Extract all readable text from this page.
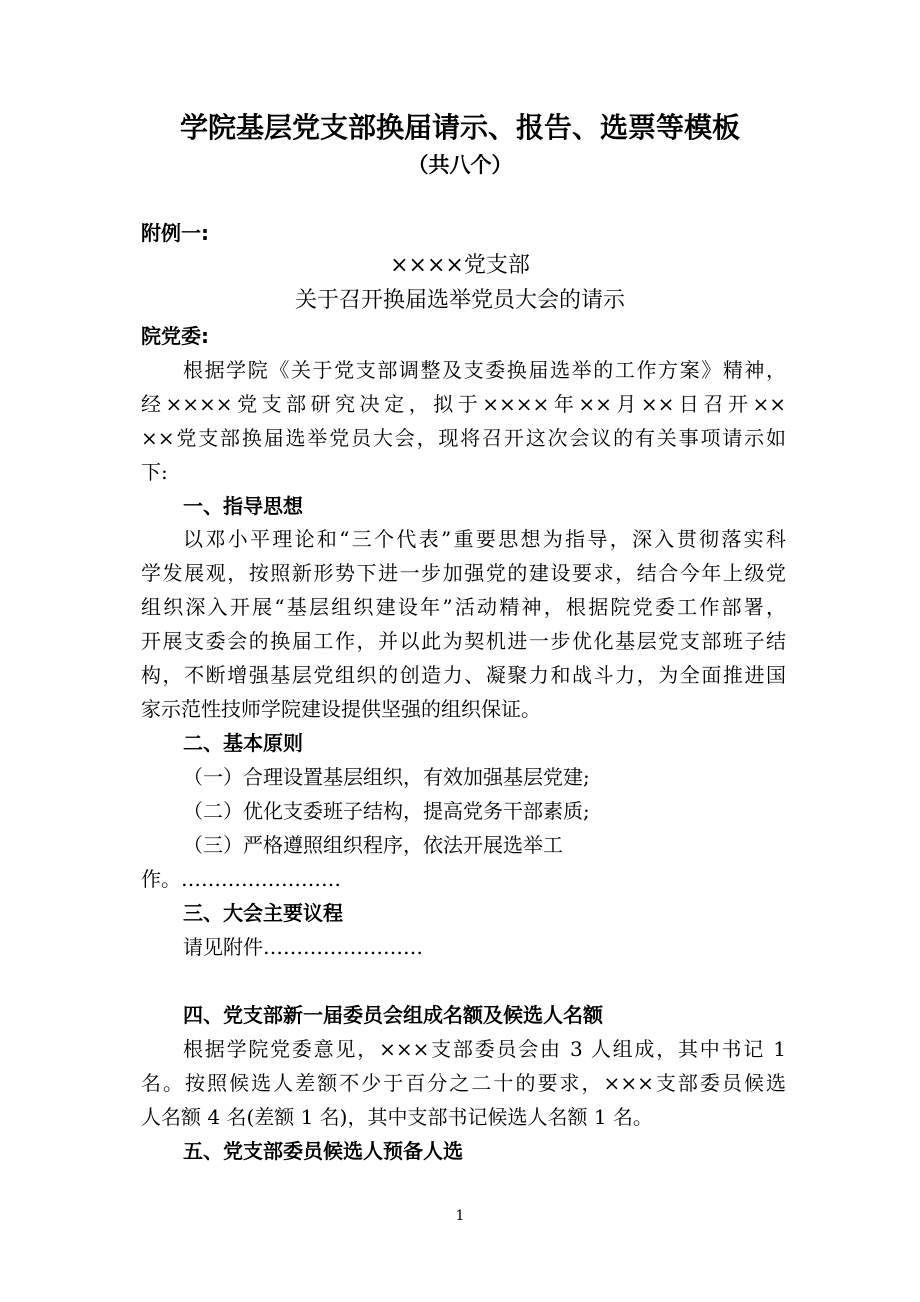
学院基层党支部换届请示、报告、选票等模板
（共八个）
附例一:
××××党支部
关于召开换届选举党员大会的请示
院党委:
根据学院《关于党支部调整及支委换届选举的工作方案》精神，
经××××党支部研究决定，拟于××××年××月××日召开××
××党支部换届选举党员大会，现将召开这次会议的有关事项请示如
下:
一、指导思想
以邓小平理论和“三个代表”重要思想为指导，深入贯彻落实科
学发展观，按照新形势下进一步加强党的建设要求，结合今年上级党
组织深入开展“基层组织建设年”活动精神，根据院党委工作部署，
开展支委会的换届工作，并以此为契机进一步优化基层党支部班子结
构，不断增强基层党组织的创造力、凝聚力和战斗力，为全面推进国
家示范性技师学院建设提供坚强的组织保证。
二、基本原则
（一）合理设置基层组织，有效加强基层党建;
（二）优化支委班子结构，提高党务干部素质;
（三）严格遵照组织程序，依法开展选举工
作。……………………
三、大会主要议程
请见附件……………………
四、党支部新一届委员会组成名额及候选人名额
根据学院党委意见，×××支部委员会由 3 人组成，其中书记 1
名。按照候选人差额不少于百分之二十的要求，×××支部委员候选
人名额 4 名(差额 1 名)，其中支部书记候选人名额 1 名。
五、党支部委员候选人预备人选
1
